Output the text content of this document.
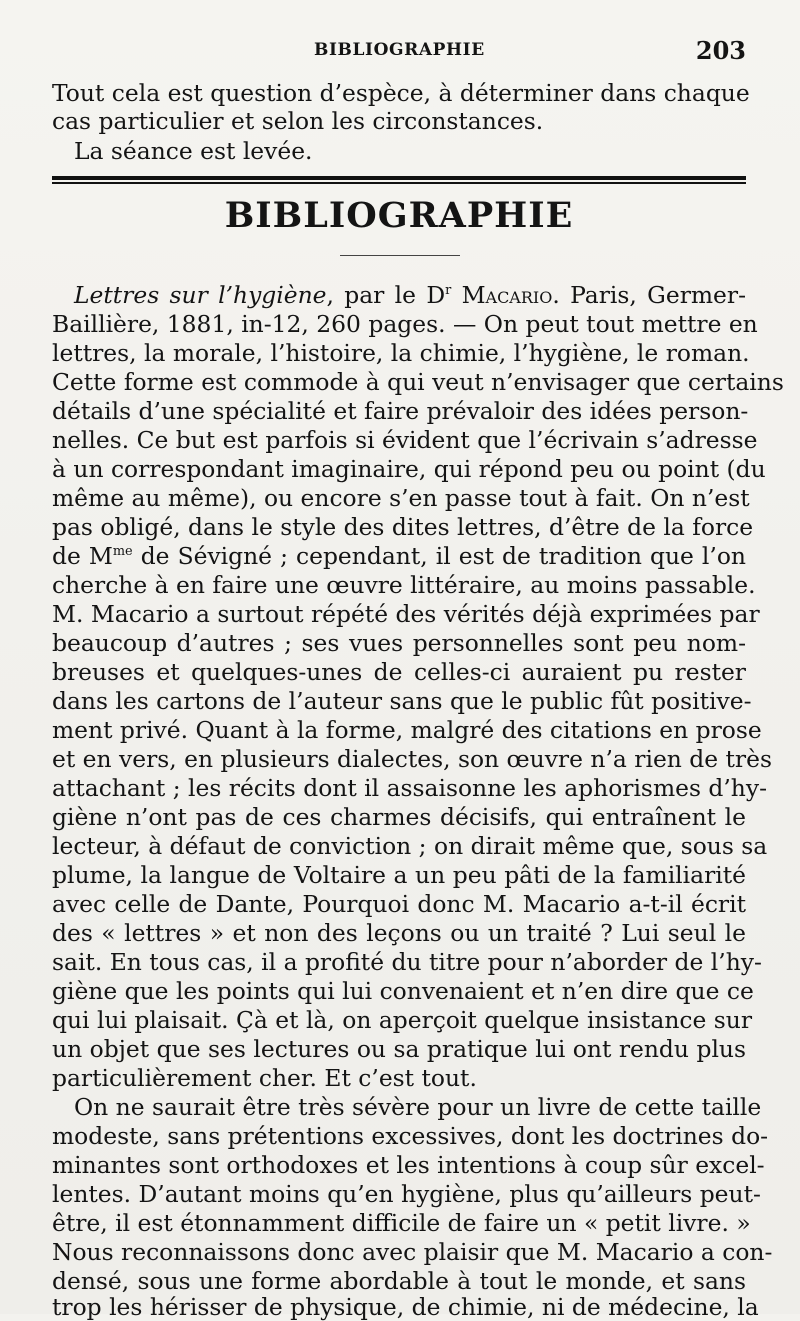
BIBLIOGRAPHIE	203
Tout cela est question d’espèce, à déterminer dans chaque
cas particulier et selon les circonstances.
La séance est levée.
BIBLIOGRAPHIE
Lettres sur l’hygiène, par le $D^r$ Macario. Paris, Germer-
Baillière, 1881, in-12, 260 pages. — On peut tout mettre en
lettres, la morale, l’histoire, la chimie, l’hygiène, le roman.
Cette forme est commode à qui veut n’envisager que certains
détails d’une spécialité et faire prévaloir des idées person-
nelles. Ce but est parfois si évident que l’écrivain s’adresse
à un correspondant imaginaire, qui répond peu ou point (du
même au même), ou encore s’en passe tout à fait. On n’est
pas obligé, dans le style des dites lettres, d’être de la force
de $M^{me}$ de Sévigné ; cependant, il est de tradition que l’on
cherche à en faire une œuvre littéraire, au moins passable.
M. Macario a surtout répété des vérités déjà exprimées par
beaucoup d’autres ; ses vues personnelles sont peu nom-
breuses et quelques-unes de celles-ci auraient pu rester
dans les cartons de l’auteur sans que le public fût positive-
ment privé. Quant à la forme, malgré des citations en prose
et en vers, en plusieurs dialectes, son œuvre n’a rien de très
attachant ; les récits dont il assaisonne les aphorismes d’hy-
giène n’ont pas de ces charmes décisifs, qui entraînent le
lecteur, à défaut de conviction ; on dirait même que, sous sa
plume, la langue de Voltaire a un peu pâti de la familiarité
avec celle de Dante, Pourquoi donc M. Macario a-t-il écrit
des « lettres » et non des leçons ou un traité ? Lui seul le
sait. En tous cas, il a profité du titre pour n’aborder de l’hy-
giène que les points qui lui convenaient et n’en dire que ce
qui lui plaisait. Çà et là, on aperçoit quelque insistance sur
un objet que ses lectures ou sa pratique lui ont rendu plus
particulièrement cher. Et c’est tout.
On ne saurait être très sévère pour un livre de cette taille
modeste, sans prétentions excessives, dont les doctrines do-
minantes sont orthodoxes et les intentions à coup sûr excel-
lentes. D’autant moins qu’en hygiène, plus qu’ailleurs peut-
être, il est étonnamment difficile de faire un « petit livre. »
Nous reconnaissons donc avec plaisir que M. Macario a con-
densé, sous une forme abordable à tout le monde, et sans
trop les hérisser de physique, de chimie, ni de médecine, la
